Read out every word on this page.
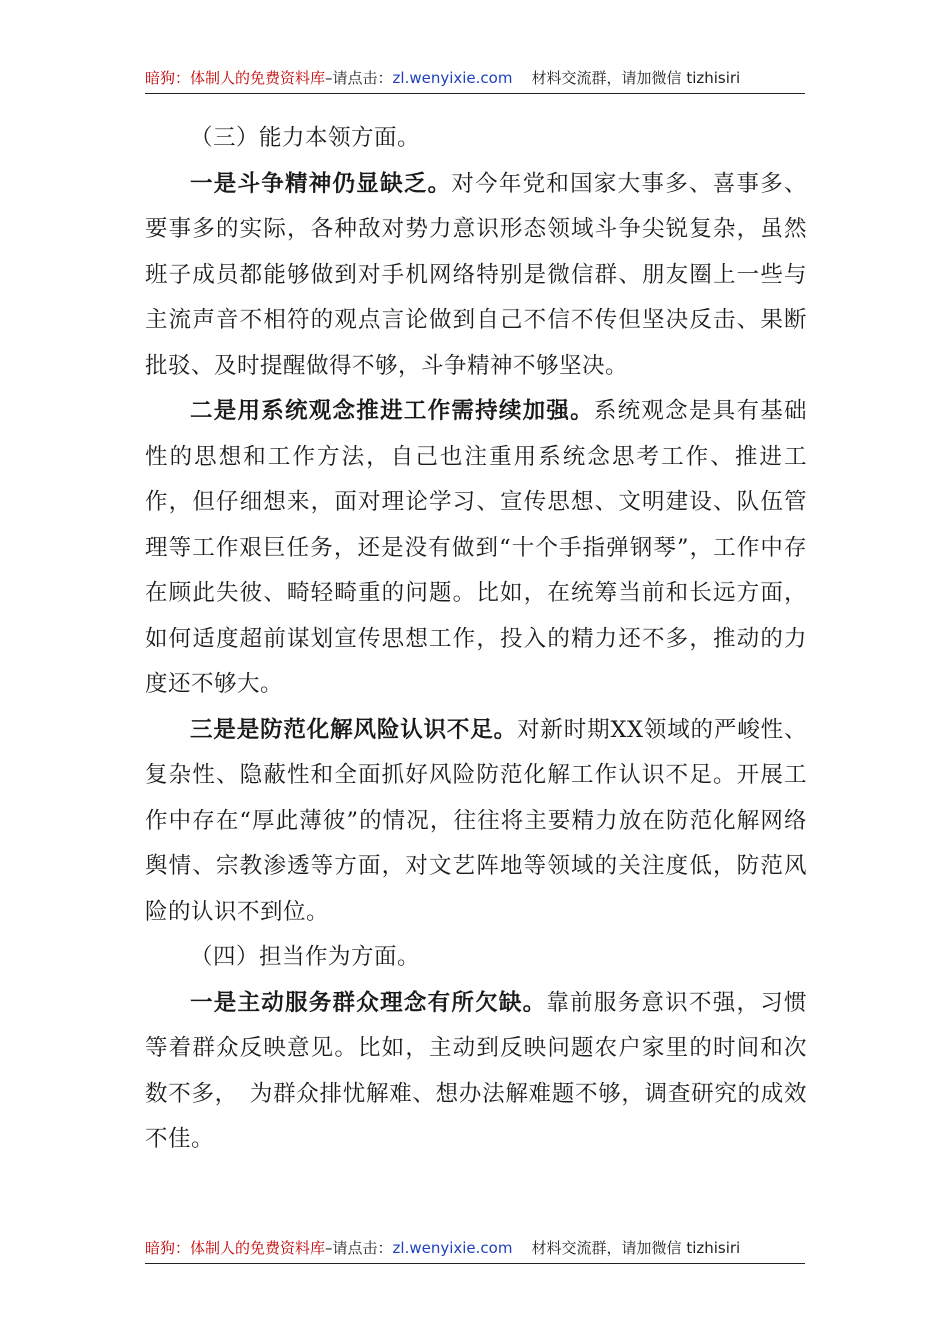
暗狗：体制人的免费资料库–请点击：zl.wenyixie.com 材料交流群，请加微信 tizhisiri

（三）能力本领方面。

一是斗争精神仍显缺乏。对今年党和国家大事多、喜事多、要事多的实际，各种敌对势力意识形态领域斗争尖锐复杂，虽然班子成员都能够做到对手机网络特别是微信群、朋友圈上一些与主流声音不相符的观点言论做到自己不信不传但坚决反击、果断批驳、及时提醒做得不够，斗争精神不够坚决。

二是用系统观念推进工作需持续加强。系统观念是具有基础性的思想和工作方法，自己也注重用系统念思考工作、推进工作，但仔细想来，面对理论学习、宣传思想、文明建设、队伍管理等工作艰巨任务，还是没有做到“十个手指弹钢琴”，工作中存在顾此失彼、畸轻畸重的问题。比如，在统筹当前和长远方面，如何适度超前谋划宣传思想工作，投入的精力还不多，推动的力度还不够大。

三是是防范化解风险认识不足。对新时期XX领域的严峻性、复杂性、隐蔽性和全面抓好风险防范化解工作认识不足。开展工作中存在“厚此薄彼”的情况，往往将主要精力放在防范化解网络舆情、宗教渗透等方面，对文艺阵地等领域的关注度低，防范风险的认识不到位。

（四）担当作为方面。

一是主动服务群众理念有所欠缺。靠前服务意识不强，习惯等着群众反映意见。比如，主动到反映问题农户家里的时间和次数不多，　为群众排忧解难、想办法解难题不够，调查研究的成效不佳。

暗狗：体制人的免费资料库–请点击：zl.wenyixie.com 材料交流群，请加微信 tizhisiri
